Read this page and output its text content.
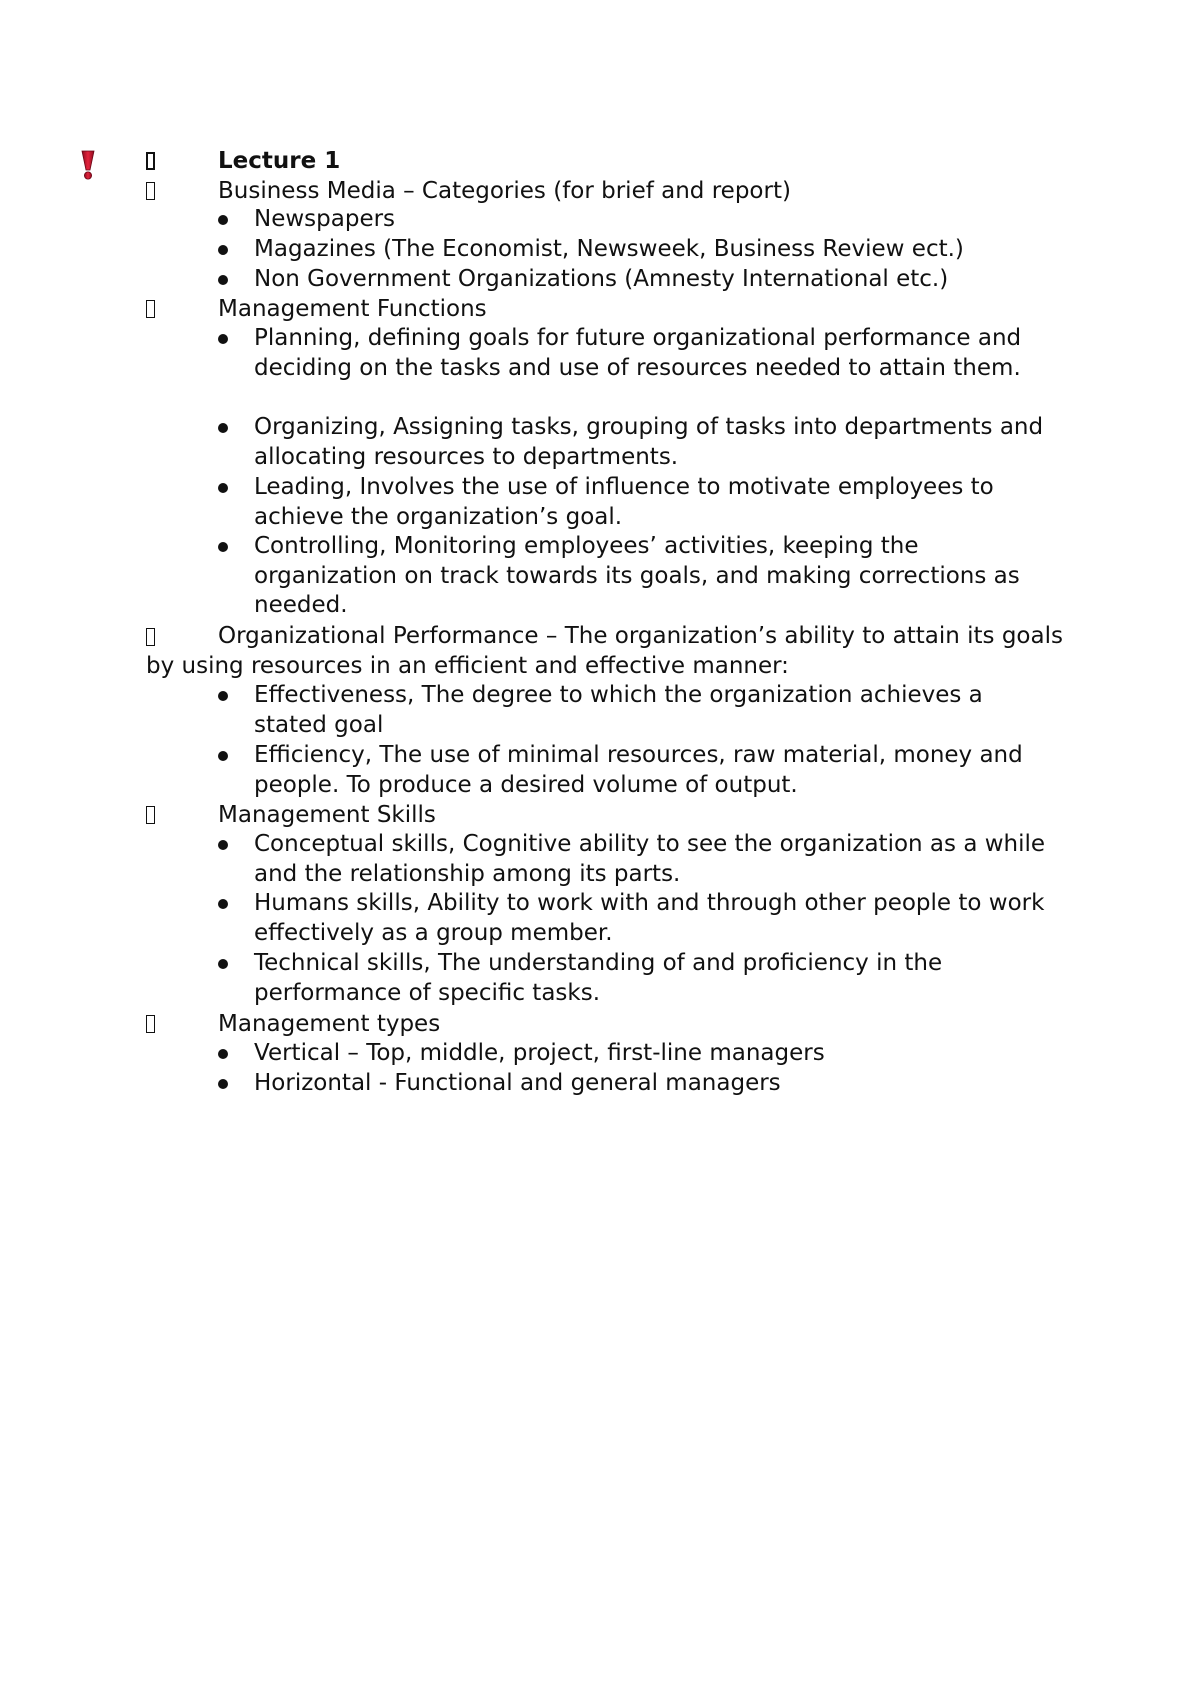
Lecture 1
Business Media – Categories (for brief and report)
Newspapers
Magazines (The Economist, Newsweek, Business Review ect.)
Non Government Organizations (Amnesty International etc.)
Management Functions
Planning, defining goals for future organizational performance and deciding on the tasks and use of resources needed to attain them.
Organizing, Assigning tasks, grouping of tasks into departments and allocating resources to departments.
Leading, Involves the use of influence to motivate employees to achieve the organization’s goal.
Controlling, Monitoring employees’ activities, keeping the organization on track towards its goals, and making corrections as needed.
Organizational Performance – The organization’s ability to attain its goals by using resources in an efficient and effective manner:
Effectiveness, The degree to which the organization achieves a stated goal
Efficiency, The use of minimal resources, raw material, money and people. To produce a desired volume of output.
Management Skills
Conceptual skills, Cognitive ability to see the organization as a while and the relationship among its parts.
Humans skills, Ability to work with and through other people to work effectively as a group member.
Technical skills, The understanding of and proficiency in the performance of specific tasks.
Management types
Vertical – Top, middle, project, first-line managers
Horizontal - Functional and general managers
